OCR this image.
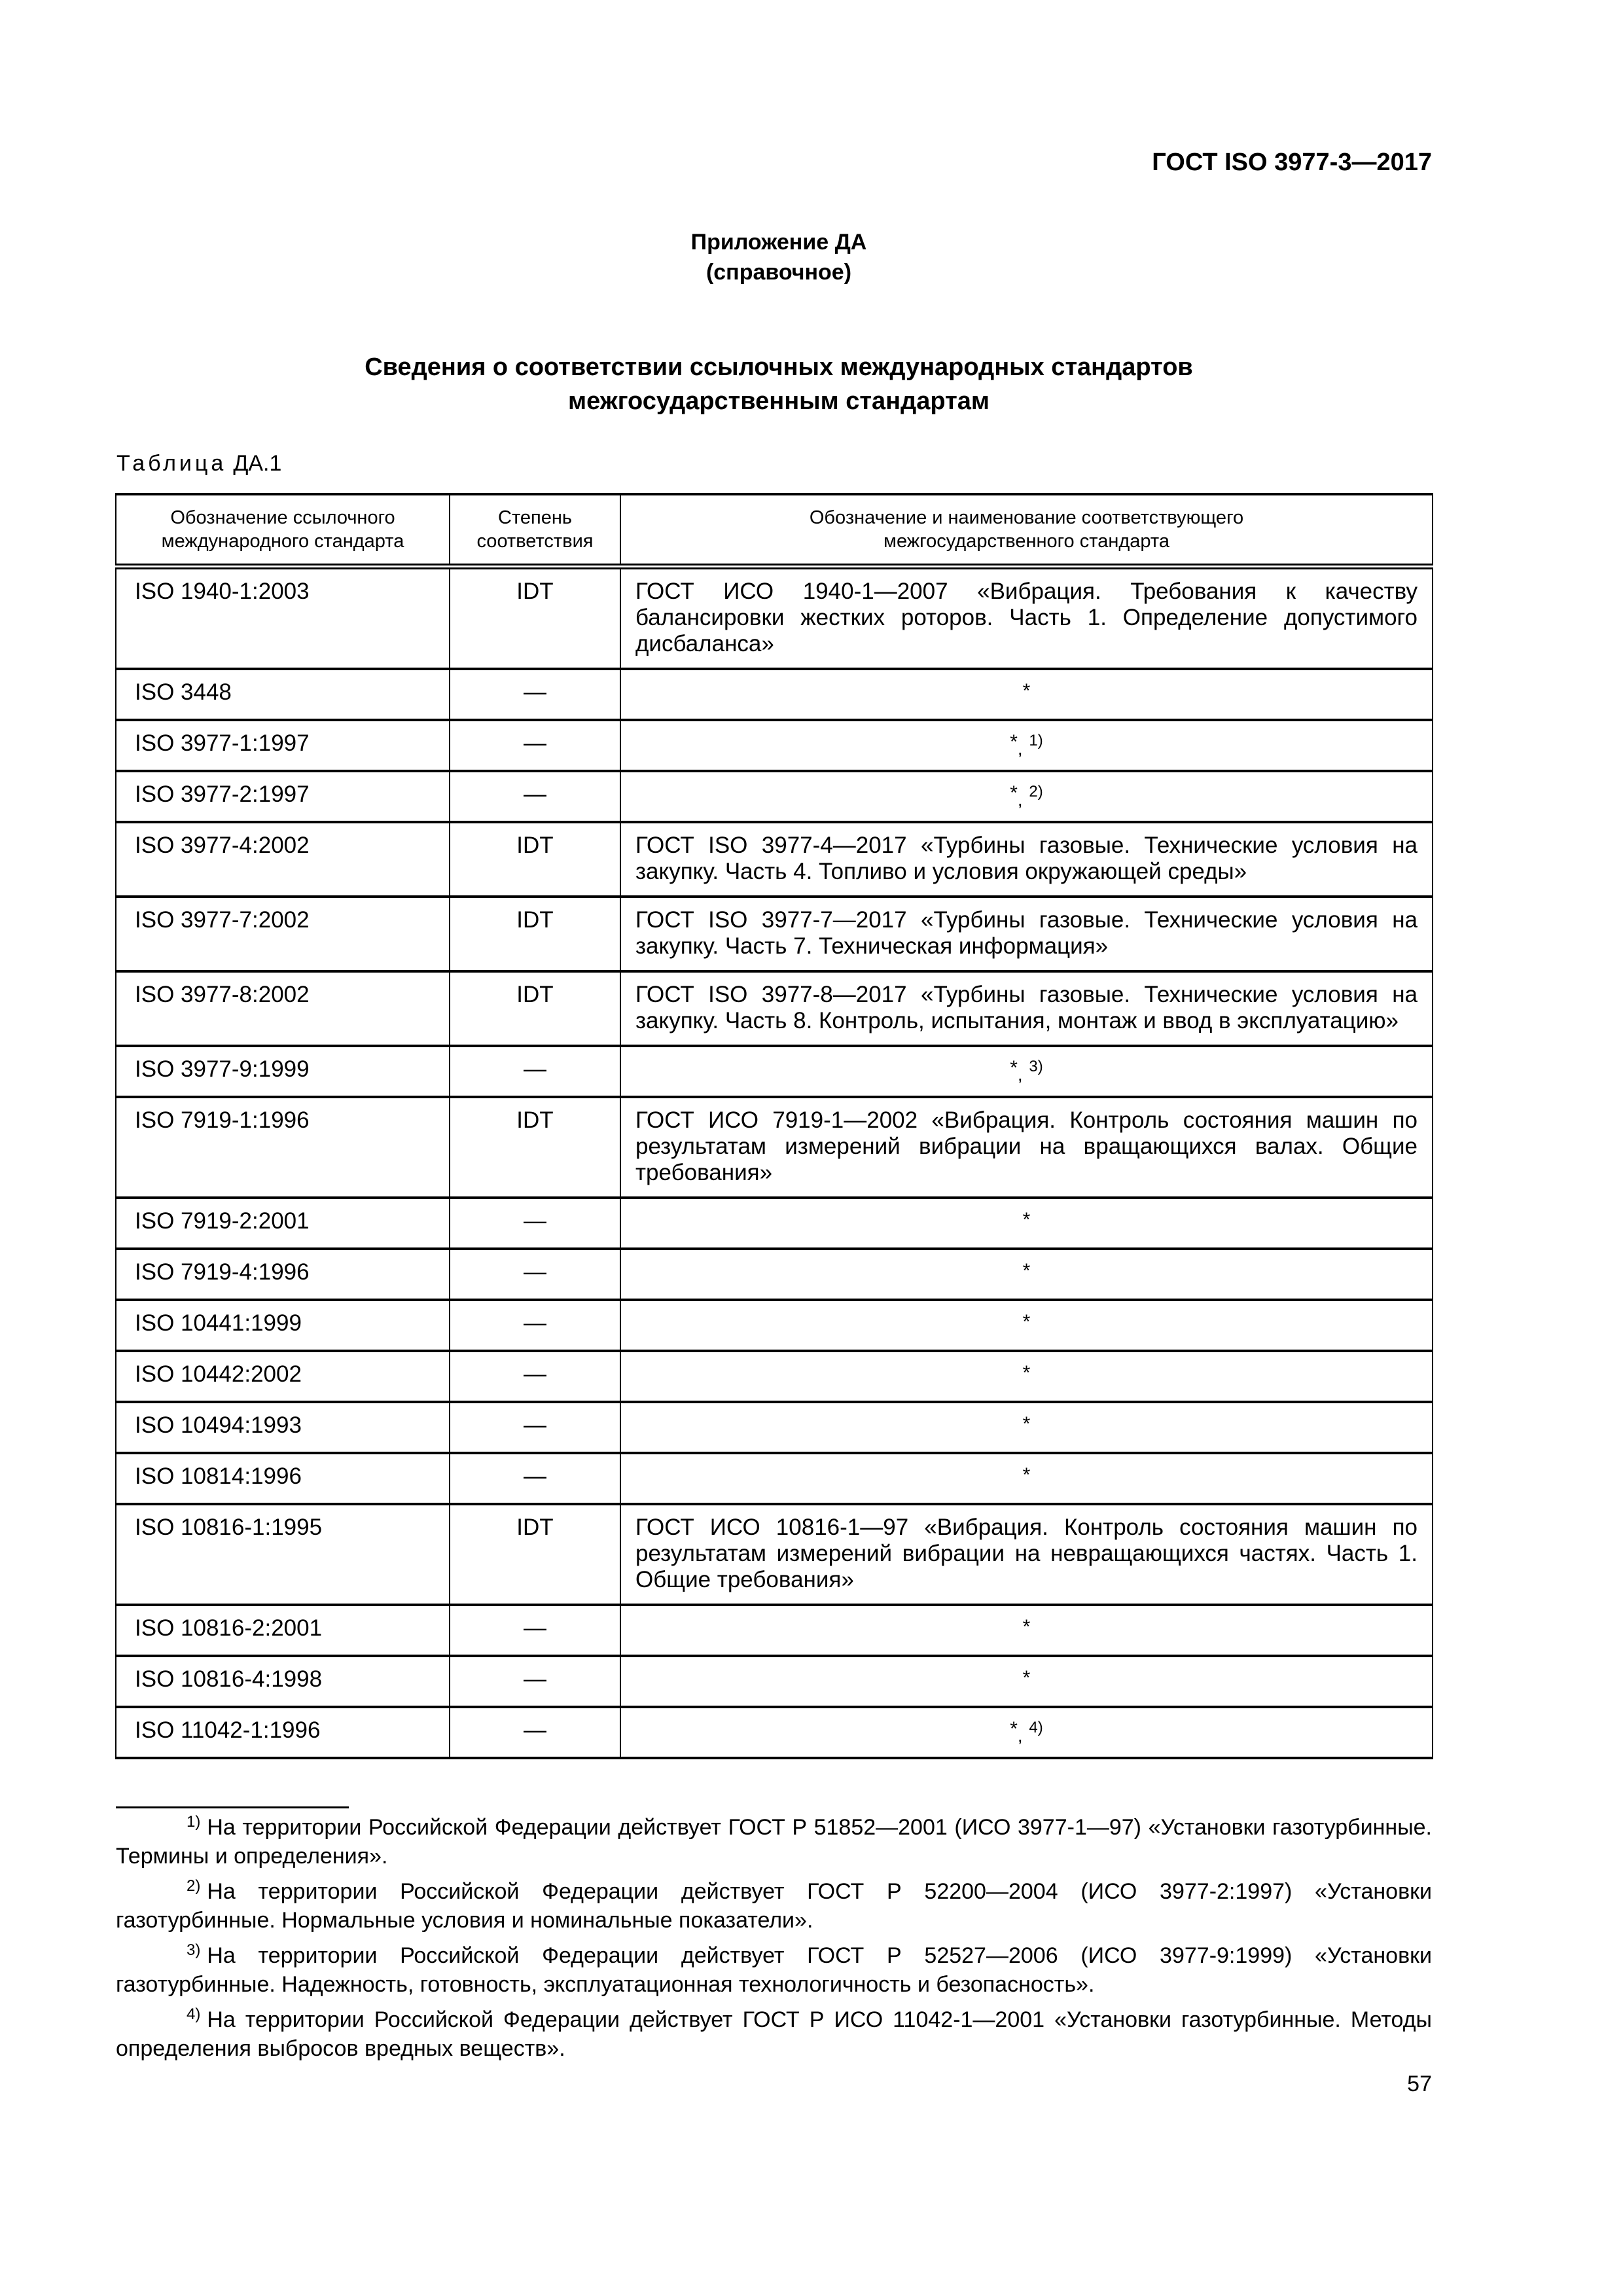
ГОСТ ISO 3977-3—2017
Приложение ДА
(справочное)
Сведения о соответствии ссылочных международных стандартов
межгосударственным стандартам
Таблица ДА.1
Обозначение ссылочного международного стандарта	Степень соответствия	Обозначение и наименование соответствующего межгосударственного стандарта
ISO 1940-1:2003	IDT	ГОСТ ИСО 1940-1—2007 «Вибрация. Требования к качеству балансировки жестких роторов. Часть 1. Определение допустимого дисбаланса»
ISO 3448	—	*
ISO 3977-1:1997	—	*, $^{1)}$
ISO 3977-2:1997	—	*, $^{2)}$
ISO 3977-4:2002	IDT	ГОСТ ISO 3977-4—2017 «Турбины газовые. Технические условия на закупку. Часть 4. Топливо и условия окружающей среды»
ISO 3977-7:2002	IDT	ГОСТ ISO 3977-7—2017 «Турбины газовые. Технические условия на закупку. Часть 7. Техническая информация»
ISO 3977-8:2002	IDT	ГОСТ ISO 3977-8—2017 «Турбины газовые. Технические условия на закупку. Часть 8. Контроль, испытания, монтаж и ввод в эксплуатацию»
ISO 3977-9:1999	—	*, $^{3)}$
ISO 7919-1:1996	IDT	ГОСТ ИСО 7919-1—2002 «Вибрация. Контроль состояния машин по результатам измерений вибрации на вращающихся валах. Общие требования»
ISO 7919-2:2001	—	*
ISO 7919-4:1996	—	*
ISO 10441:1999	—	*
ISO 10442:2002	—	*
ISO 10494:1993	—	*
ISO 10814:1996	—	*
ISO 10816-1:1995	IDT	ГОСТ ИСО 10816-1—97 «Вибрация. Контроль состояния машин по результатам измерений вибрации на невращающихся частях. Часть 1. Общие требования»
ISO 10816-2:2001	—	*
ISO 10816-4:1998	—	*
ISO 11042-1:1996	—	*, $^{4)}$

$^{1)}$ На территории Российской Федерации действует ГОСТ Р 51852—2001 (ИСО 3977-1—97) «Установки газотурбинные. Термины и определения».

$^{2)}$ На территории Российской Федерации действует ГОСТ Р 52200—2004 (ИСО 3977-2:1997) «Установки газотурбинные. Нормальные условия и номинальные показатели».

$^{3)}$ На территории Российской Федерации действует ГОСТ Р 52527—2006 (ИСО 3977-9:1999) «Установки газотурбинные. Надежность, готовность, эксплуатационная технологичность и безопасность».

$^{4)}$ На территории Российской Федерации действует ГОСТ Р ИСО 11042-1—2001 «Установки газотурбинные. Методы определения выбросов вредных веществ».

57
